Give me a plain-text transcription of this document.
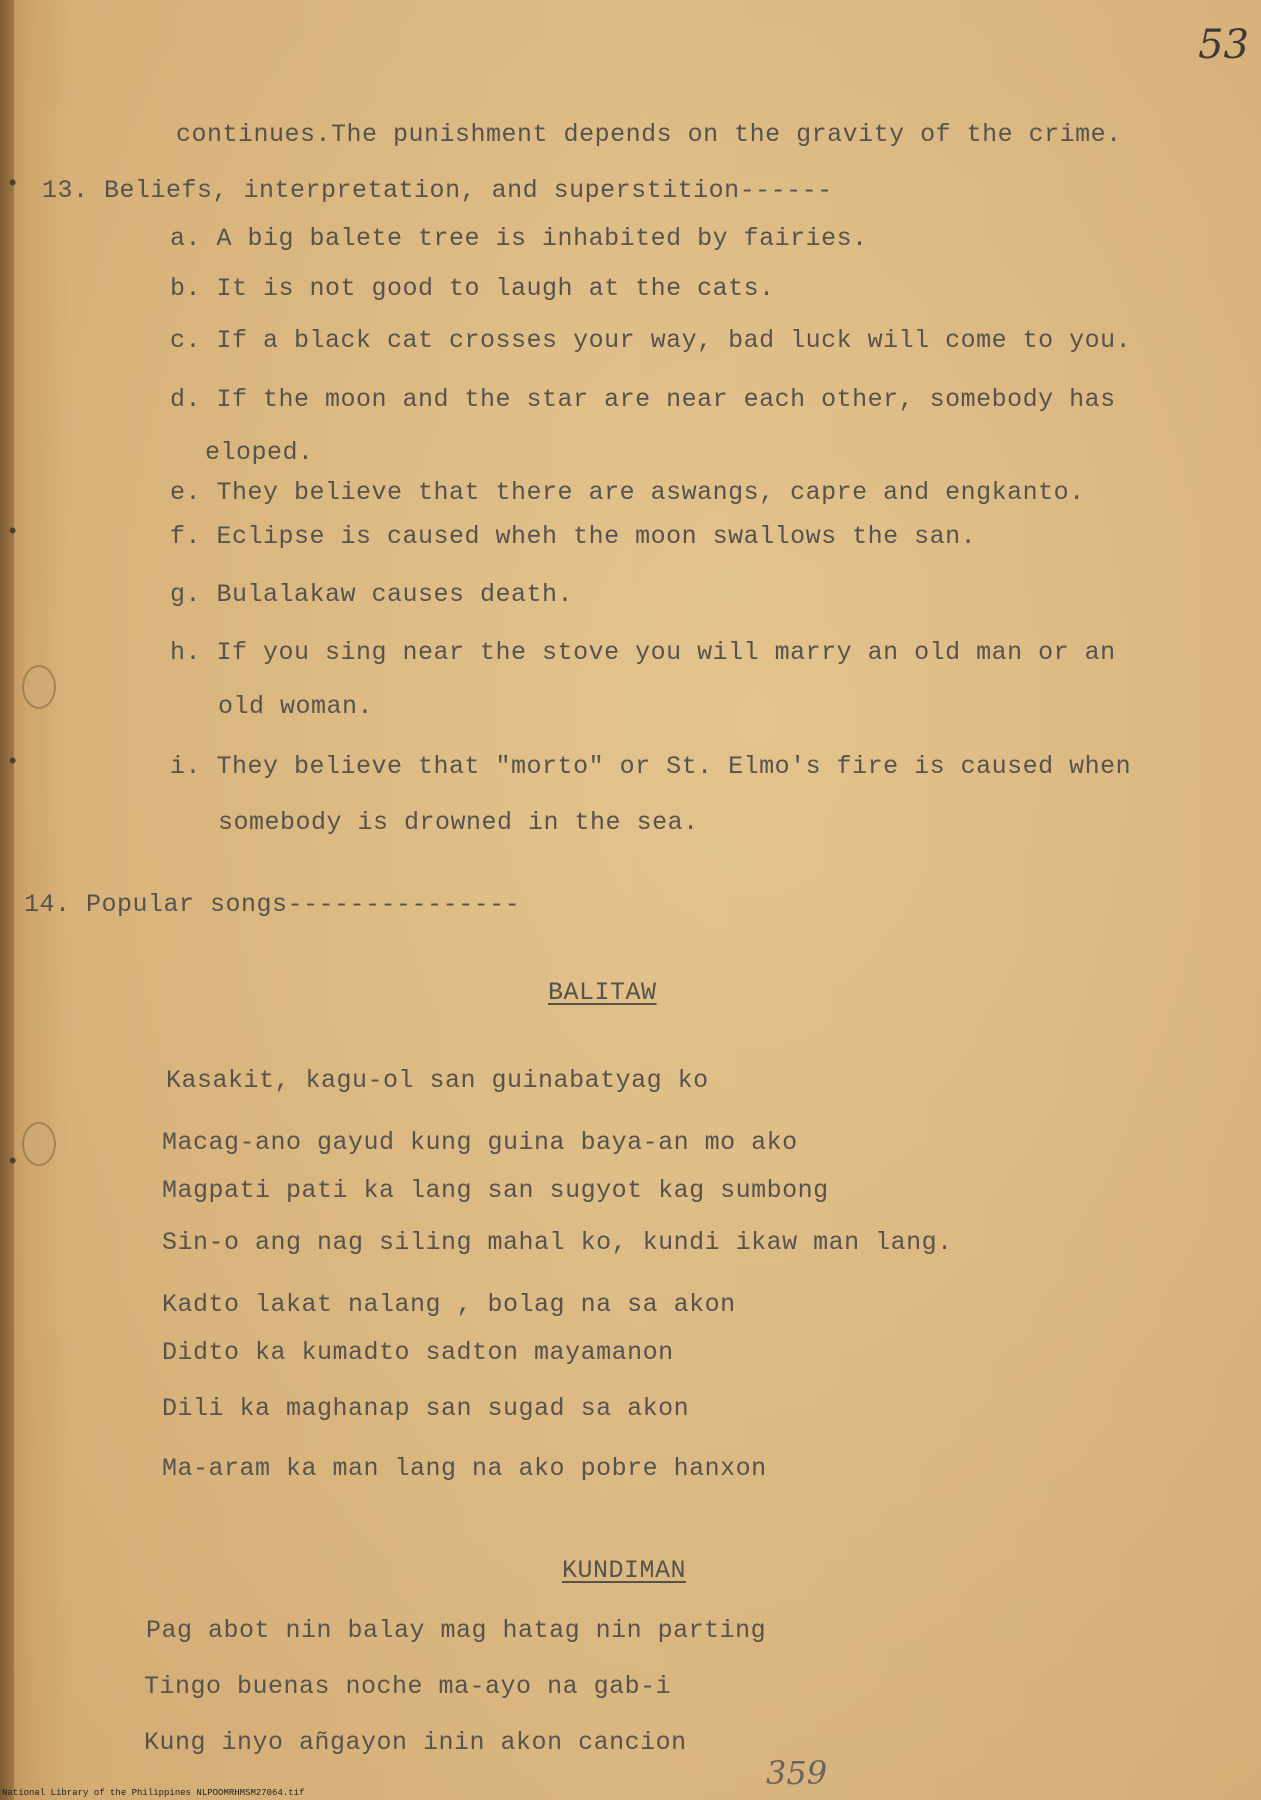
•
•
•
•
53
continues.The punishment depends on the gravity of the crime.
13. Beliefs, interpretation, and superstition------
a. A big balete tree is inhabited by fairies.
b. It is not good to laugh at the cats.
c. If a black cat crosses your way, bad luck will come to you.
d. If the moon and the star are near each other, somebody has
eloped.
e. They believe that there are aswangs, capre and engkanto.
f. Eclipse is caused wheh the moon swallows the san.
g. Bulalakaw causes death.
h. If you sing near the stove you will marry an old man or an
old woman.
i. They believe that "morto" or St. Elmo's fire is caused when
somebody is drowned in the sea.
14. Popular songs---------------
BALITAW
Kasakit, kagu-ol san guinabatyag ko
Macag-ano gayud kung guina baya-an mo ako
Magpati pati ka lang san sugyot kag sumbong
Sin-o ang nag siling mahal ko, kundi ikaw man lang.
Kadto lakat nalang , bolag na sa akon
Didto ka kumadto sadton mayamanon
Dili ka maghanap san sugad sa akon
Ma-aram ka man lang na ako pobre hanxon
KUNDIMAN
Pag abot nin balay mag hatag nin parting
Tingo buenas noche ma-ayo na gab-i
Kung inyo añgayon inin akon cancion
359
National Library of the Philippines NLPOOMRHMSM27064.tif
